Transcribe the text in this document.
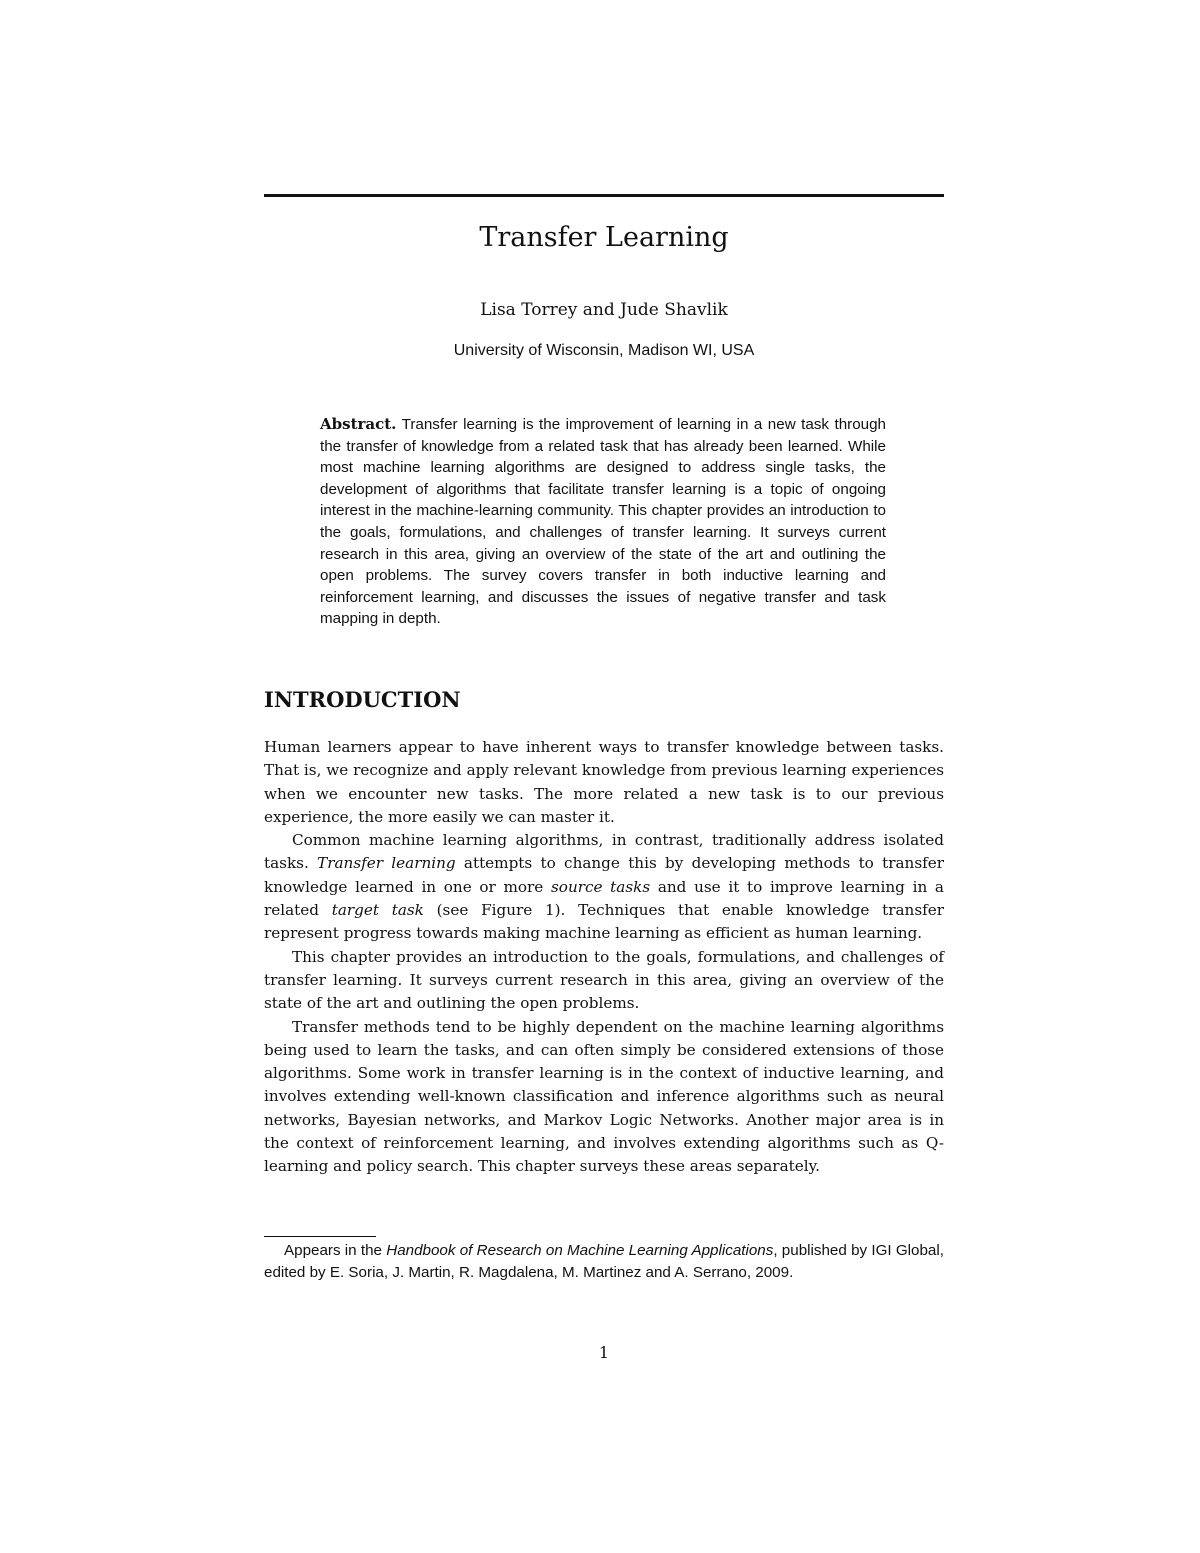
Transfer Learning
Lisa Torrey and Jude Shavlik
University of Wisconsin, Madison WI, USA

Abstract. Transfer learning is the improvement of learning in a new task through the transfer of knowledge from a related task that has already been learned. While most machine learning algorithms are designed to address single tasks, the development of algorithms that facilitate transfer learning is a topic of ongoing interest in the machine-learning community. This chapter provides an introduction to the goals, formulations, and challenges of transfer learning. It surveys current research in this area, giving an overview of the state of the art and outlining the open problems. The survey covers transfer in both inductive learning and reinforcement learning, and discusses the issues of negative transfer and task mapping in depth.

INTRODUCTION

Human learners appear to have inherent ways to transfer knowledge between tasks. That is, we recognize and apply relevant knowledge from previous learning experiences when we encounter new tasks. The more related a new task is to our previous experience, the more easily we can master it.

Common machine learning algorithms, in contrast, traditionally address isolated tasks. Transfer learning attempts to change this by developing methods to transfer knowledge learned in one or more source tasks and use it to improve learning in a related target task (see Figure 1). Techniques that enable knowledge transfer represent progress towards making machine learning as efficient as human learning.

This chapter provides an introduction to the goals, formulations, and challenges of transfer learning. It surveys current research in this area, giving an overview of the state of the art and outlining the open problems.

Transfer methods tend to be highly dependent on the machine learning algorithms being used to learn the tasks, and can often simply be considered extensions of those algorithms. Some work in transfer learning is in the context of inductive learning, and involves extending well-known classification and inference algorithms such as neural networks, Bayesian networks, and Markov Logic Networks. Another major area is in the context of reinforcement learning, and involves extending algorithms such as Q-learning and policy search. This chapter surveys these areas separately.

Appears in the Handbook of Research on Machine Learning Applications, published by IGI Global, edited by E. Soria, J. Martin, R. Magdalena, M. Martinez and A. Serrano, 2009.

1
